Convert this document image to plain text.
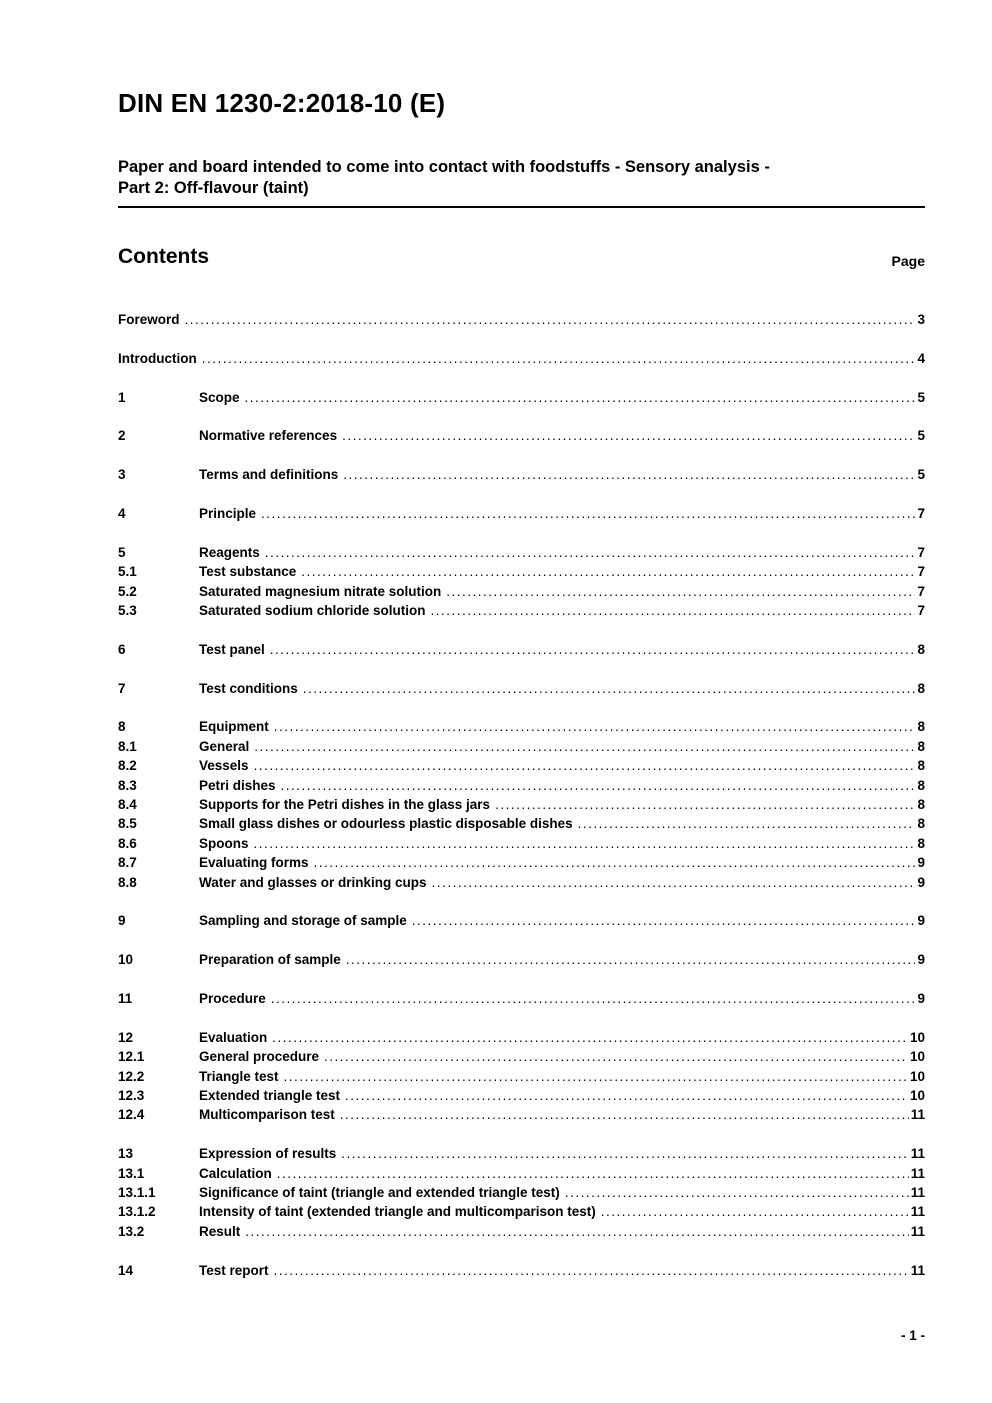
DIN EN 1230-2:2018-10 (E)
Paper and board intended to come into contact with foodstuffs - Sensory analysis -
Part 2: Off-flavour (taint)
Contents	Page
Foreword .....	3
Introduction .....	4
1	Scope .....	5
2	Normative references .....	5
3	Terms and definitions .....	5
4	Principle .....	7
5	Reagents .....	7
5.1	Test substance .....	7
5.2	Saturated magnesium nitrate solution .....	7
5.3	Saturated sodium chloride solution .....	7
6	Test panel .....	8
7	Test conditions .....	8
8	Equipment .....	8
8.1	General .....	8
8.2	Vessels .....	8
8.3	Petri dishes .....	8
8.4	Supports for the Petri dishes in the glass jars .....	8
8.5	Small glass dishes or odourless plastic disposable dishes .....	8
8.6	Spoons .....	8
8.7	Evaluating forms .....	9
8.8	Water and glasses or drinking cups .....	9
9	Sampling and storage of sample .....	9
10	Preparation of sample .....	9
11	Procedure .....	9
12	Evaluation .....	10
12.1	General procedure .....	10
12.2	Triangle test .....	10
12.3	Extended triangle test .....	10
12.4	Multicomparison test .....	11
13	Expression of results .....	11
13.1	Calculation .....	11
13.1.1	Significance of taint (triangle and extended triangle test) .....	11
13.1.2	Intensity of taint (extended triangle and multicomparison test) .....	11
13.2	Result .....	11
14	Test report .....	11
- 1 -
